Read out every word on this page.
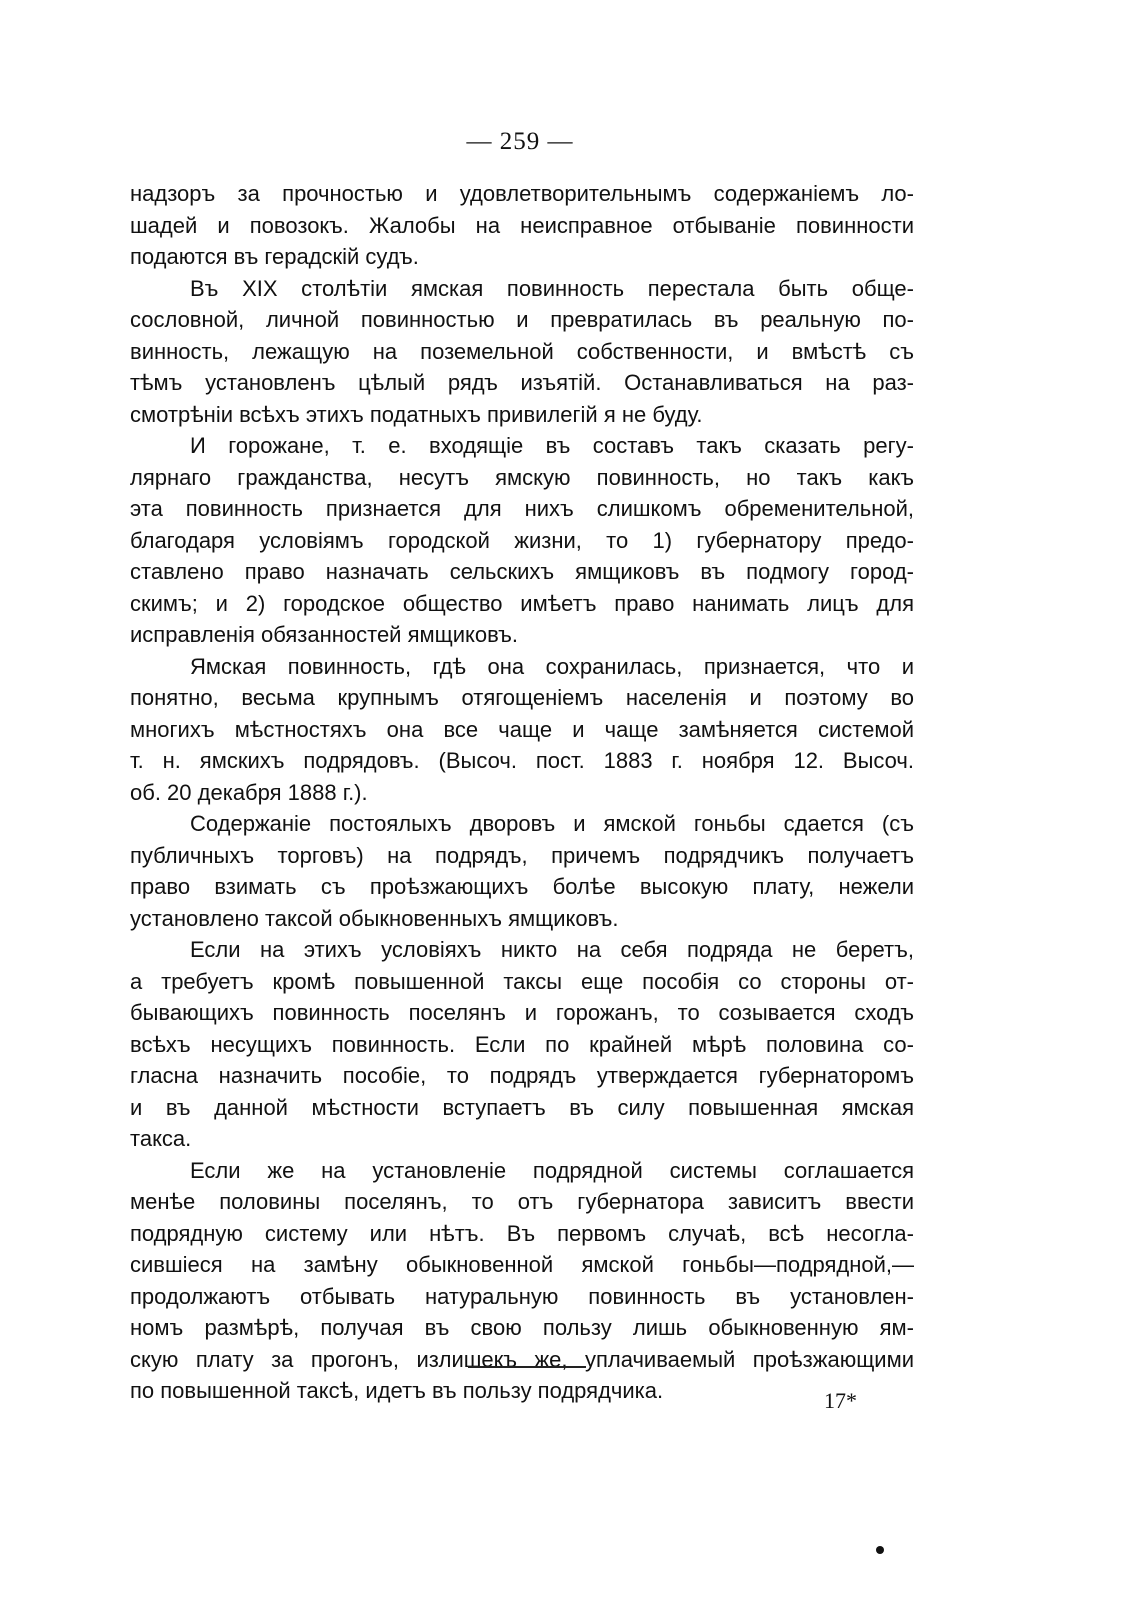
— 259 —
надзоръ за прочностью и удовлетворительнымъ содержаніемъ ло-
шадей и повозокъ. Жалобы на неисправное отбываніе повинности
подаются въ герадскій судъ.
Въ XIX столѣтіи ямская повинность перестала быть обще-
сословной, личной повинностью и превратилась въ реальную по-
винность, лежащую на поземельной собственности, и вмѣстѣ съ
тѣмъ установленъ цѣлый рядъ изъятій. Останавливаться на раз-
смотрѣніи всѣхъ этихъ податныхъ привилегій я не буду.
И горожане, т. е. входящіе въ составъ такъ сказать регу-
лярнаго гражданства, несутъ ямскую повинность, но такъ какъ
эта повинность признается для нихъ слишкомъ обременительной,
благодаря условіямъ городской жизни, то 1) губернатору предо-
ставлено право назначать сельскихъ ямщиковъ въ подмогу город-
скимъ; и 2) городское общество имѣетъ право нанимать лицъ для
исправленія обязанностей ямщиковъ.
Ямская повинность, гдѣ она сохранилась, признается, что и
понятно, весьма крупнымъ отягощеніемъ населенія и поэтому во
многихъ мѣстностяхъ она все чаще и чаще замѣняется системой
т. н. ямскихъ подрядовъ. (Высоч. пост. 1883 г. ноября 12. Высоч.
об. 20 декабря 1888 г.).
Содержаніе постоялыхъ дворовъ и ямской гоньбы сдается (съ
публичныхъ торговъ) на подрядъ, причемъ подрядчикъ получаетъ
право взимать съ проѣзжающихъ болѣе высокую плату, нежели
установлено таксой обыкновенныхъ ямщиковъ.
Если на этихъ условіяхъ никто на себя подряда не беретъ,
а требуетъ кромѣ повышенной таксы еще пособія со стороны от-
бывающихъ повинность поселянъ и горожанъ, то созывается сходъ
всѣхъ несущихъ повинность. Если по крайней мѣрѣ половина со-
гласна назначить пособіе, то подрядъ утверждается губернаторомъ
и въ данной мѣстности вступаетъ въ силу повышенная ямская
такса.
Если же на установленіе подрядной системы соглашается
менѣе половины поселянъ, то отъ губернатора зависитъ ввести
подрядную систему или нѣтъ. Въ первомъ случаѣ, всѣ несогла-
сившіеся на замѣну обыкновенной ямской гоньбы—подрядной,—
продолжаютъ отбывать натуральную повинность въ установлен-
номъ размѣрѣ, получая въ свою пользу лишь обыкновенную ям-
скую плату за прогонъ, излишекъ же, уплачиваемый проѣзжающими
по повышенной таксѣ, идетъ въ пользу подрядчика.	17*
